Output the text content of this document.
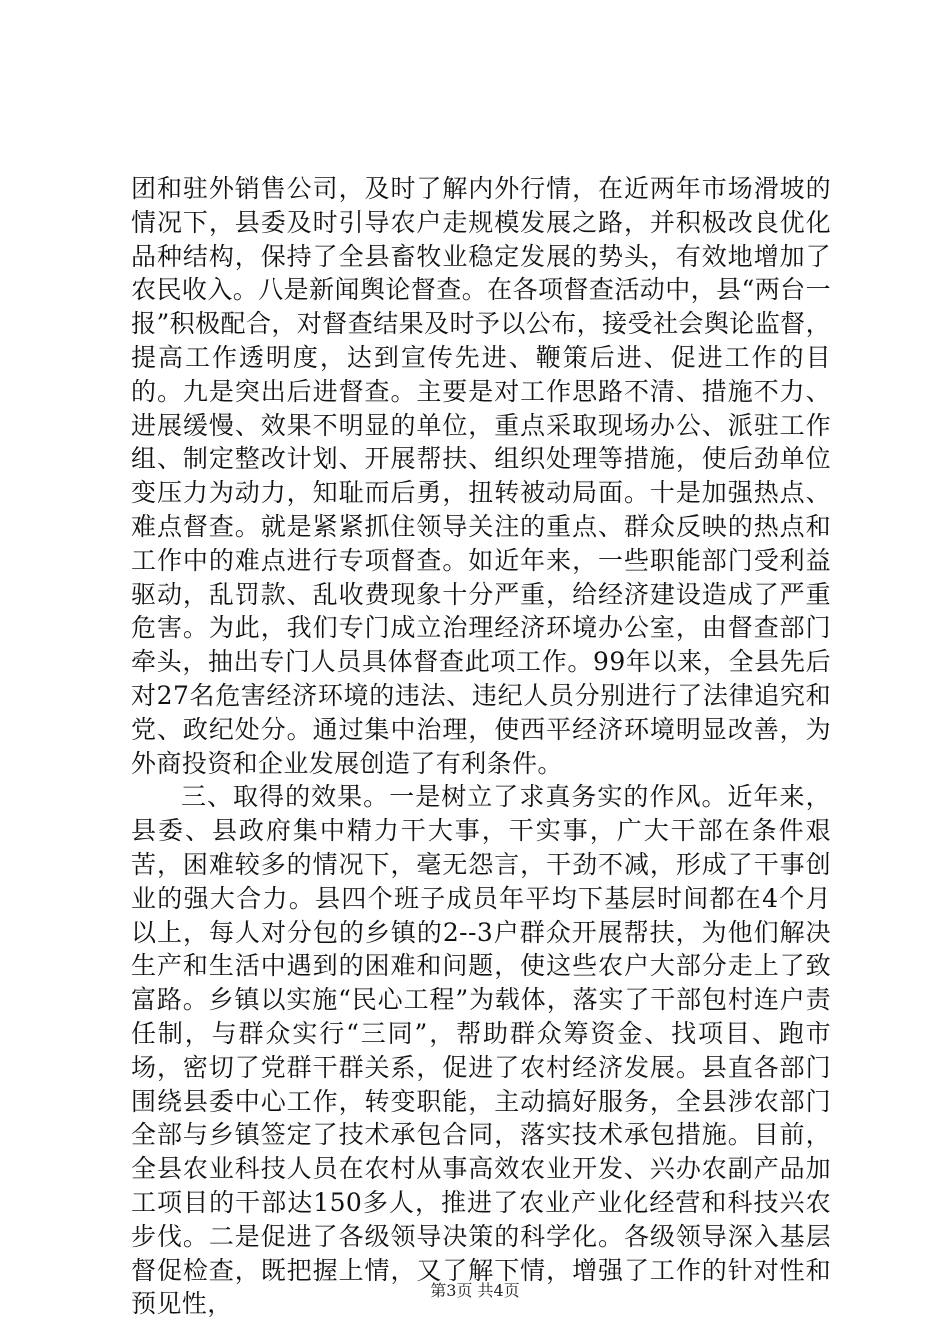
团和驻外销售公司，及时了解内外行情，在近两年市场滑坡的情况下，县委及时引导农户走规模发展之路，并积极改良优化品种结构，保持了全县畜牧业稳定发展的势头，有效地增加了农民收入。八是新闻舆论督查。在各项督查活动中，县“两台一报”积极配合，对督查结果及时予以公布，接受社会舆论监督，提高工作透明度，达到宣传先进、鞭策后进、促进工作的目的。九是突出后进督查。主要是对工作思路不清、措施不力、进展缓慢、效果不明显的单位，重点采取现场办公、派驻工作组、制定整改计划、开展帮扶、组织处理等措施，使后劲单位变压力为动力，知耻而后勇，扭转被动局面。十是加强热点、难点督查。就是紧紧抓住领导关注的重点、群众反映的热点和工作中的难点进行专项督查。如近年来，一些职能部门受利益驱动，乱罚款、乱收费现象十分严重，给经济建设造成了严重危害。为此，我们专门成立治理经济环境办公室，由督查部门牵头，抽出专门人员具体督查此项工作。99年以来，全县先后对27名危害经济环境的违法、违纪人员分别进行了法律追究和党、政纪处分。通过集中治理，使西平经济环境明显改善，为外商投资和企业发展创造了有利条件。

三、取得的效果。一是树立了求真务实的作风。近年来，县委、县政府集中精力干大事，干实事，广大干部在条件艰苦，困难较多的情况下，毫无怨言，干劲不减，形成了干事创业的强大合力。县四个班子成员年平均下基层时间都在4个月以上，每人对分包的乡镇的2--3户群众开展帮扶，为他们解决生产和生活中遇到的困难和问题，使这些农户大部分走上了致富路。乡镇以实施“民心工程”为载体，落实了干部包村连户责任制，与群众实行“三同”，帮助群众筹资金、找项目、跑市场，密切了党群干群关系，促进了农村经济发展。县直各部门围绕县委中心工作，转变职能，主动搞好服务，全县涉农部门全部与乡镇签定了技术承包合同，落实技术承包措施。目前，全县农业科技人员在农村从事高效农业开发、兴办农副产品加工项目的干部达150多人，推进了农业产业化经营和科技兴农步伐。二是促进了各级领导决策的科学化。各级领导深入基层督促检查，既把握上情，又了解下情，增强了工作的针对性和预见性，	第3页 共4页
